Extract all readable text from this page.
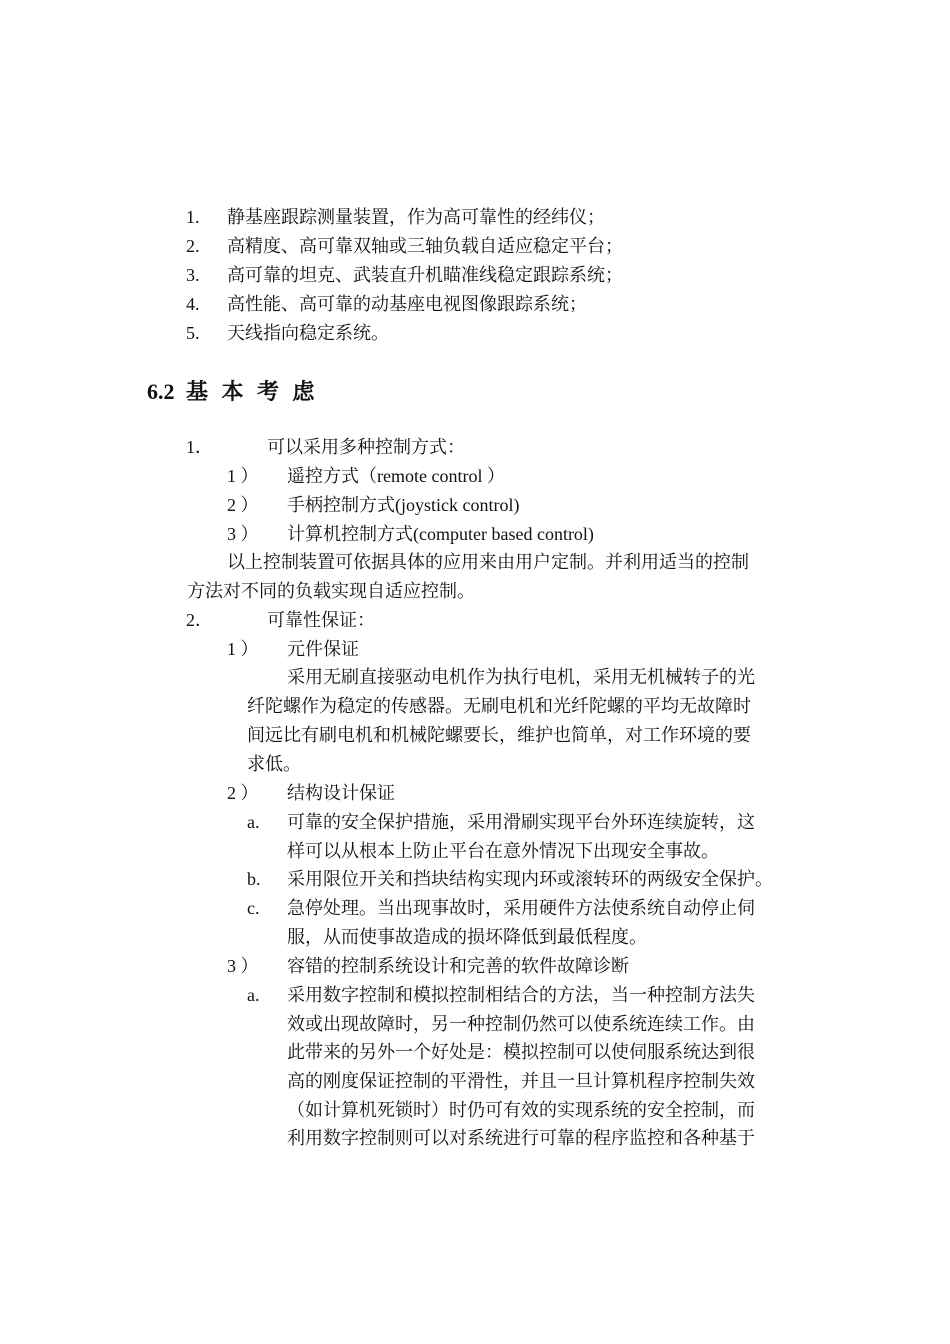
1. 静基座跟踪测量装置，作为高可靠性的经纬仪；
2. 高精度、高可靠双轴或三轴负载自适应稳定平台；
3. 高可靠的坦克、武装直升机瞄准线稳定跟踪系统；
4. 高性能、高可靠的动基座电视图像跟踪系统；
5. 天线指向稳定系统。
6.2 基 本 考 虑
1．	可以采用多种控制方式：
1 ） 遥控方式（remote control ）
2 ） 手柄控制方式(joystick control)
3 ） 计算机控制方式(computer based control)
以上控制装置可依据具体的应用来由用户定制。并利用适当的控制
方法对不同的负载实现自适应控制。
2．	可靠性保证：
1 ） 元件保证
采用无刷直接驱动电机作为执行电机，采用无机械转子的光
纤陀螺作为稳定的传感器。无刷电机和光纤陀螺的平均无故障时
间远比有刷电机和机械陀螺要长，维护也简单，对工作环境的要
求低。
2 ） 结构设计保证
a. 可靠的安全保护措施，采用滑刷实现平台外环连续旋转，这
样可以从根本上防止平台在意外情况下出现安全事故。
b. 采用限位开关和挡块结构实现内环或滚转环的两级安全保护。
c. 急停处理。当出现事故时，采用硬件方法使系统自动停止伺
服，从而使事故造成的损坏降低到最低程度。
3 ） 容错的控制系统设计和完善的软件故障诊断
a. 采用数字控制和模拟控制相结合的方法，当一种控制方法失
效或出现故障时，另一种控制仍然可以使系统连续工作。由
此带来的另外一个好处是：模拟控制可以使伺服系统达到很
高的刚度保证控制的平滑性，并且一旦计算机程序控制失效
（如计算机死锁时）时仍可有效的实现系统的安全控制，而
利用数字控制则可以对系统进行可靠的程序监控和各种基于
